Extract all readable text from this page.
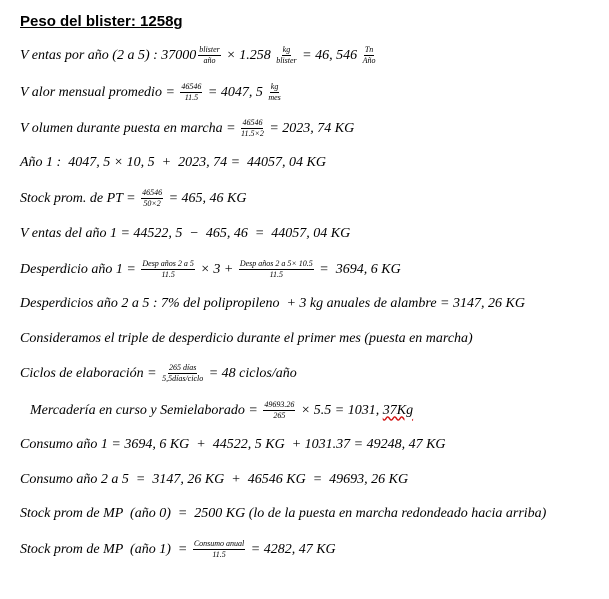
Peso del blister: 1258g
V entas por año (2 a 5) : $37000 \frac{\text{blister}}{\text{año}} \times 1.258 \frac{kg}{\text{blister}} = 46$, $546 \frac{Tn}{\text{Año}}$
V alor mensual promedio = $\frac{46546}{11.5} = 4047$, $5 \frac{kg}{\text{mes}}$
V olumen durante puesta en marcha = $\frac{46546}{11.5\times 2} = 2023$, 74 KG
Año 1 :  4047, 5 × 10, 5  +  2023, 74 =  44057, 04 KG
Stock prom. de PT = $\frac{46546}{50\times 2} = 465$, 46 KG
V entas del año 1 = 44522, 5  −  465, 46  =  44057, 04 KG
Desperdicio año $1 = \frac{\text{Desp años 2 a 5}}{11.5} \times 3 + \frac{\text{Desp años 2 a 5× 10.5}}{11.5} = 3694$, 6 KG
Desperdicios año 2 a 5 : 7% del polipropileno  + 3 kg anuales de alambre = 3147, 26 KG
Consideramos el triple de desperdicio durante el primer mes (puesta en marcha)
Ciclos de elaboración = $\frac{\text{265 días}}{\text{5,5días/ciclo}} = 48$ ciclos/año
Mercadería en curso y Semielaborado = $\frac{49693.26}{265} \times 5.5 = 1031$, 37Kg
Consumo año 1 = 3694, 6 KG  +  44522, 5 KG  + 1031.37 = 49248, 47 KG
Consumo año 2 a 5  =  3147, 26 KG  +  46546 KG  =  49693, 26 KG
Stock prom de MP  (año 0)  =  2500 KG (lo de la puesta en marcha redondeado hacia arriba)
Stock prom de MP  (año $1) = \frac{\text{Consumo anual}}{11.5} = 4282$, 47 KG
